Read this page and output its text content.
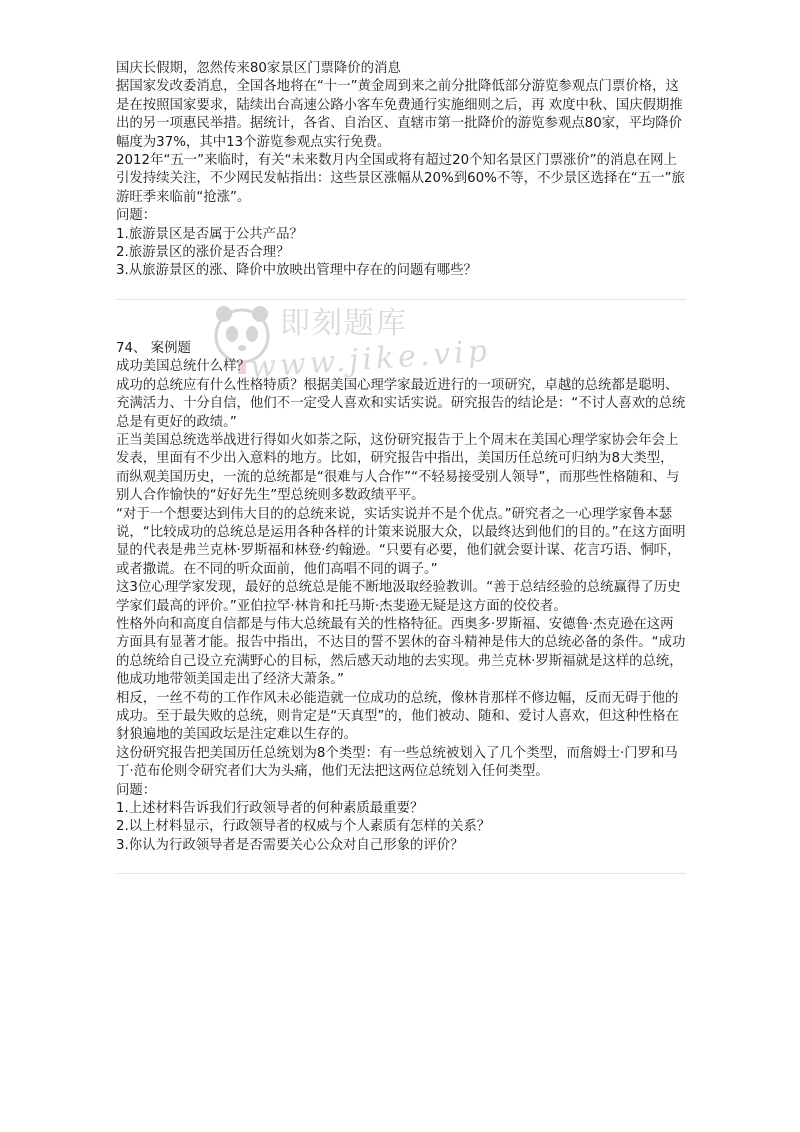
国庆长假期，忽然传来80家景区门票降价的消息

据国家发改委消息，全国各地将在“十一”黄金周到来之前分批降低部分游览参观点门票价格，这是在按照国家要求，陆续出台高速公路小客车免费通行实施细则之后，再 欢度中秋、国庆假期推出的另一项惠民举措。据统计，各省、自治区、直辖市第一批降价的游览参观点80家，平均降价幅度为37%，其中13个游览参观点实行免费。

2012年“五一”来临时，有关“未来数月内全国或将有超过20个知名景区门票涨价”的消息在网上引发持续关注，不少网民发帖指出：这些景区涨幅从20%到60%不等，不少景区选择在“五一”旅游旺季来临前“抢涨”。

问题：

1.旅游景区是否属于公共产品？

2.旅游景区的涨价是否合理？

3.从旅游景区的涨、降价中放映出管理中存在的问题有哪些？

74、 案例题

成功美国总统什么样？

成功的总统应有什么性格特质？根据美国心理学家最近进行的一项研究，卓越的总统都是聪明、充满活力、十分自信，他们不一定受人喜欢和实话实说。研究报告的结论是：“不讨人喜欢的总统总是有更好的政绩。”

正当美国总统选举战进行得如火如荼之际，这份研究报告于上个周末在美国心理学家协会年会上发表，里面有不少出入意料的地方。比如，研究报告中指出，美国历任总统可归纳为8大类型，而纵观美国历史，一流的总统都是“很难与人合作”“不轻易接受别人领导”，而那些性格随和、与别人合作愉快的“好好先生”型总统则多数政绩平平。

“对于一个想要达到伟大目的的总统来说，实话实说并不是个优点。”研究者之一心理学家鲁本瑟说，“比较成功的总统总是运用各种各样的计策来说服大众，以最终达到他们的目的。”在这方面明显的代表是弗兰克林·罗斯福和林登·约翰逊。“只要有必要，他们就会耍计谋、花言巧语、恫吓，或者撒谎。在不同的听众面前，他们高唱不同的调子。”

这3位心理学家发现，最好的总统总是能不断地汲取经验教训。“善于总结经验的总统赢得了历史学家们最高的评价。”亚伯拉罕·林肯和托马斯·杰斐逊无疑是这方面的佼佼者。

性格外向和高度自信都是与伟大总统最有关的性格特征。西奥多·罗斯福、安德鲁·杰克逊在这两方面具有显著才能。报告中指出，不达目的誓不罢休的奋斗精神是伟大的总统必备的条件。“成功的总统给自己设立充满野心的目标，然后感天动地的去实现。弗兰克林·罗斯福就是这样的总统，他成功地带领美国走出了经济大萧条。”

相反，一丝不苟的工作作风未必能造就一位成功的总统，像林肯那样不修边幅，反而无碍于他的成功。至于最失败的总统，则肯定是“天真型”的，他们被动、随和、爱讨人喜欢，但这种性格在豺狼遍地的美国政坛是注定难以生存的。

这份研究报告把美国历任总统划为8个类型：有一些总统被划入了几个类型，而詹姆士·门罗和马丁·范布伦则令研究者们大为头痛，他们无法把这两位总统划入任何类型。

问题：

1.上述材料告诉我们行政领导者的何种素质最重要？

2.以上材料显示，行政领导者的权威与个人素质有怎样的关系？

3.你认为行政领导者是否需要关心公众对自己形象的评价？

即刻题库
www.jike.vip
